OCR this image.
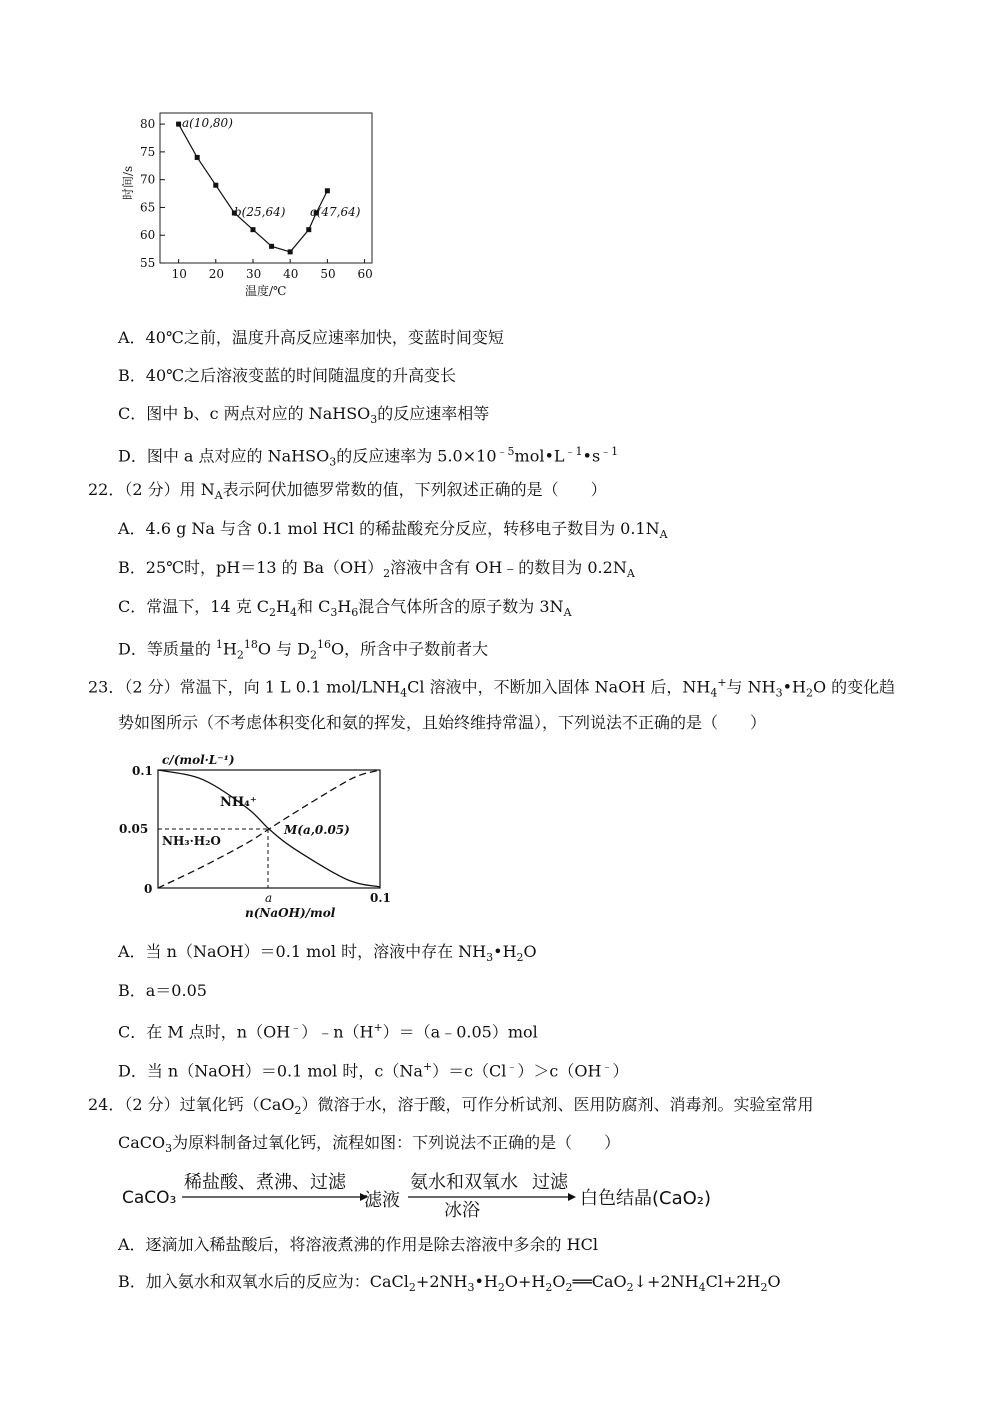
55
60
65
70
75
80
10 20 30 40 50 60
a(10,80)
b(25,64) c(47,64)
时间/s
温度/℃
A．40℃之前，温度升高反应速率加快，变蓝时间变短
B．40℃之后溶液变蓝的时间随温度的升高变长
C．图中 b、c 两点对应的 NaHSO$_3$的反应速率相等
D．图中 a 点对应的 NaHSO$_3$的反应速率为 $5.0\times 10^{﹣5}mol•L^{﹣1}•s^{﹣1}$
22．（2 分）用 $N_A$表示阿伏加德罗常数的值，下列叙述正确的是（　　）
A．4.6 g Na 与含 0.1 mol HCl 的稀盐酸充分反应，转移电子数目为 $0.1N_A$
B．25℃时，pH＝13 的 $Ba(OH)_2$溶液中含有 OH﹣的数目为 $0.2N_A$
C．常温下，14 克 $C_2H_4$和 $C_3H_6$混合气体所含的原子数为 $3N_A$
D．等质量的 $^1H_2^{18}O$ 与 $D_2^{16}O$，所含中子数前者大
23．（2 分）常温下，向 1 L 0.1 mol/$LNH_4Cl$ 溶液中，不断加入固体 NaOH 后，$NH_4^+$与 $NH_3•H_2O$ 的变化趋
势如图所示（不考虑体积变化和氨的挥发，且始终维持常温），下列说法不正确的是（　　）
c/(mol·L⁻¹)
0.1
0.05
0
a	0.1
n(NaOH)/mol
NH₄⁺
NH₃·H₂O
M(a,0.05)
A．当 n（NaOH）＝0.1 mol 时，溶液中存在 $NH_3•H_2O$
B．a＝0.05
C．在 M 点时，n（OH﹣）﹣n（H+）＝（a﹣0.05）mol
D．当 n（NaOH）＝0.1 mol 时，c（Na+）＝c（Cl﹣）＞c（OH﹣）
24．（2 分）过氧化钙（CaO$_2$）微溶于水，溶于酸，可作分析试剂、医用防腐剂、消毒剂。实验室常用
CaCO$_3$为原料制备过氧化钙，流程如图：下列说法不正确的是（　　）
CaCO₃
稀盐酸、煮沸、过滤
滤液
氨水和双氧水
冰浴
过滤
白色结晶(CaO₂)
A．逐滴加入稀盐酸后，将溶液煮沸的作用是除去溶液中多余的 HCl
B．加入氨水和双氧水后的反应为：$CaCl_2+2NH_3•H_2O+H_2O_2══CaO_2↓+2NH_4Cl+2H_2O$
